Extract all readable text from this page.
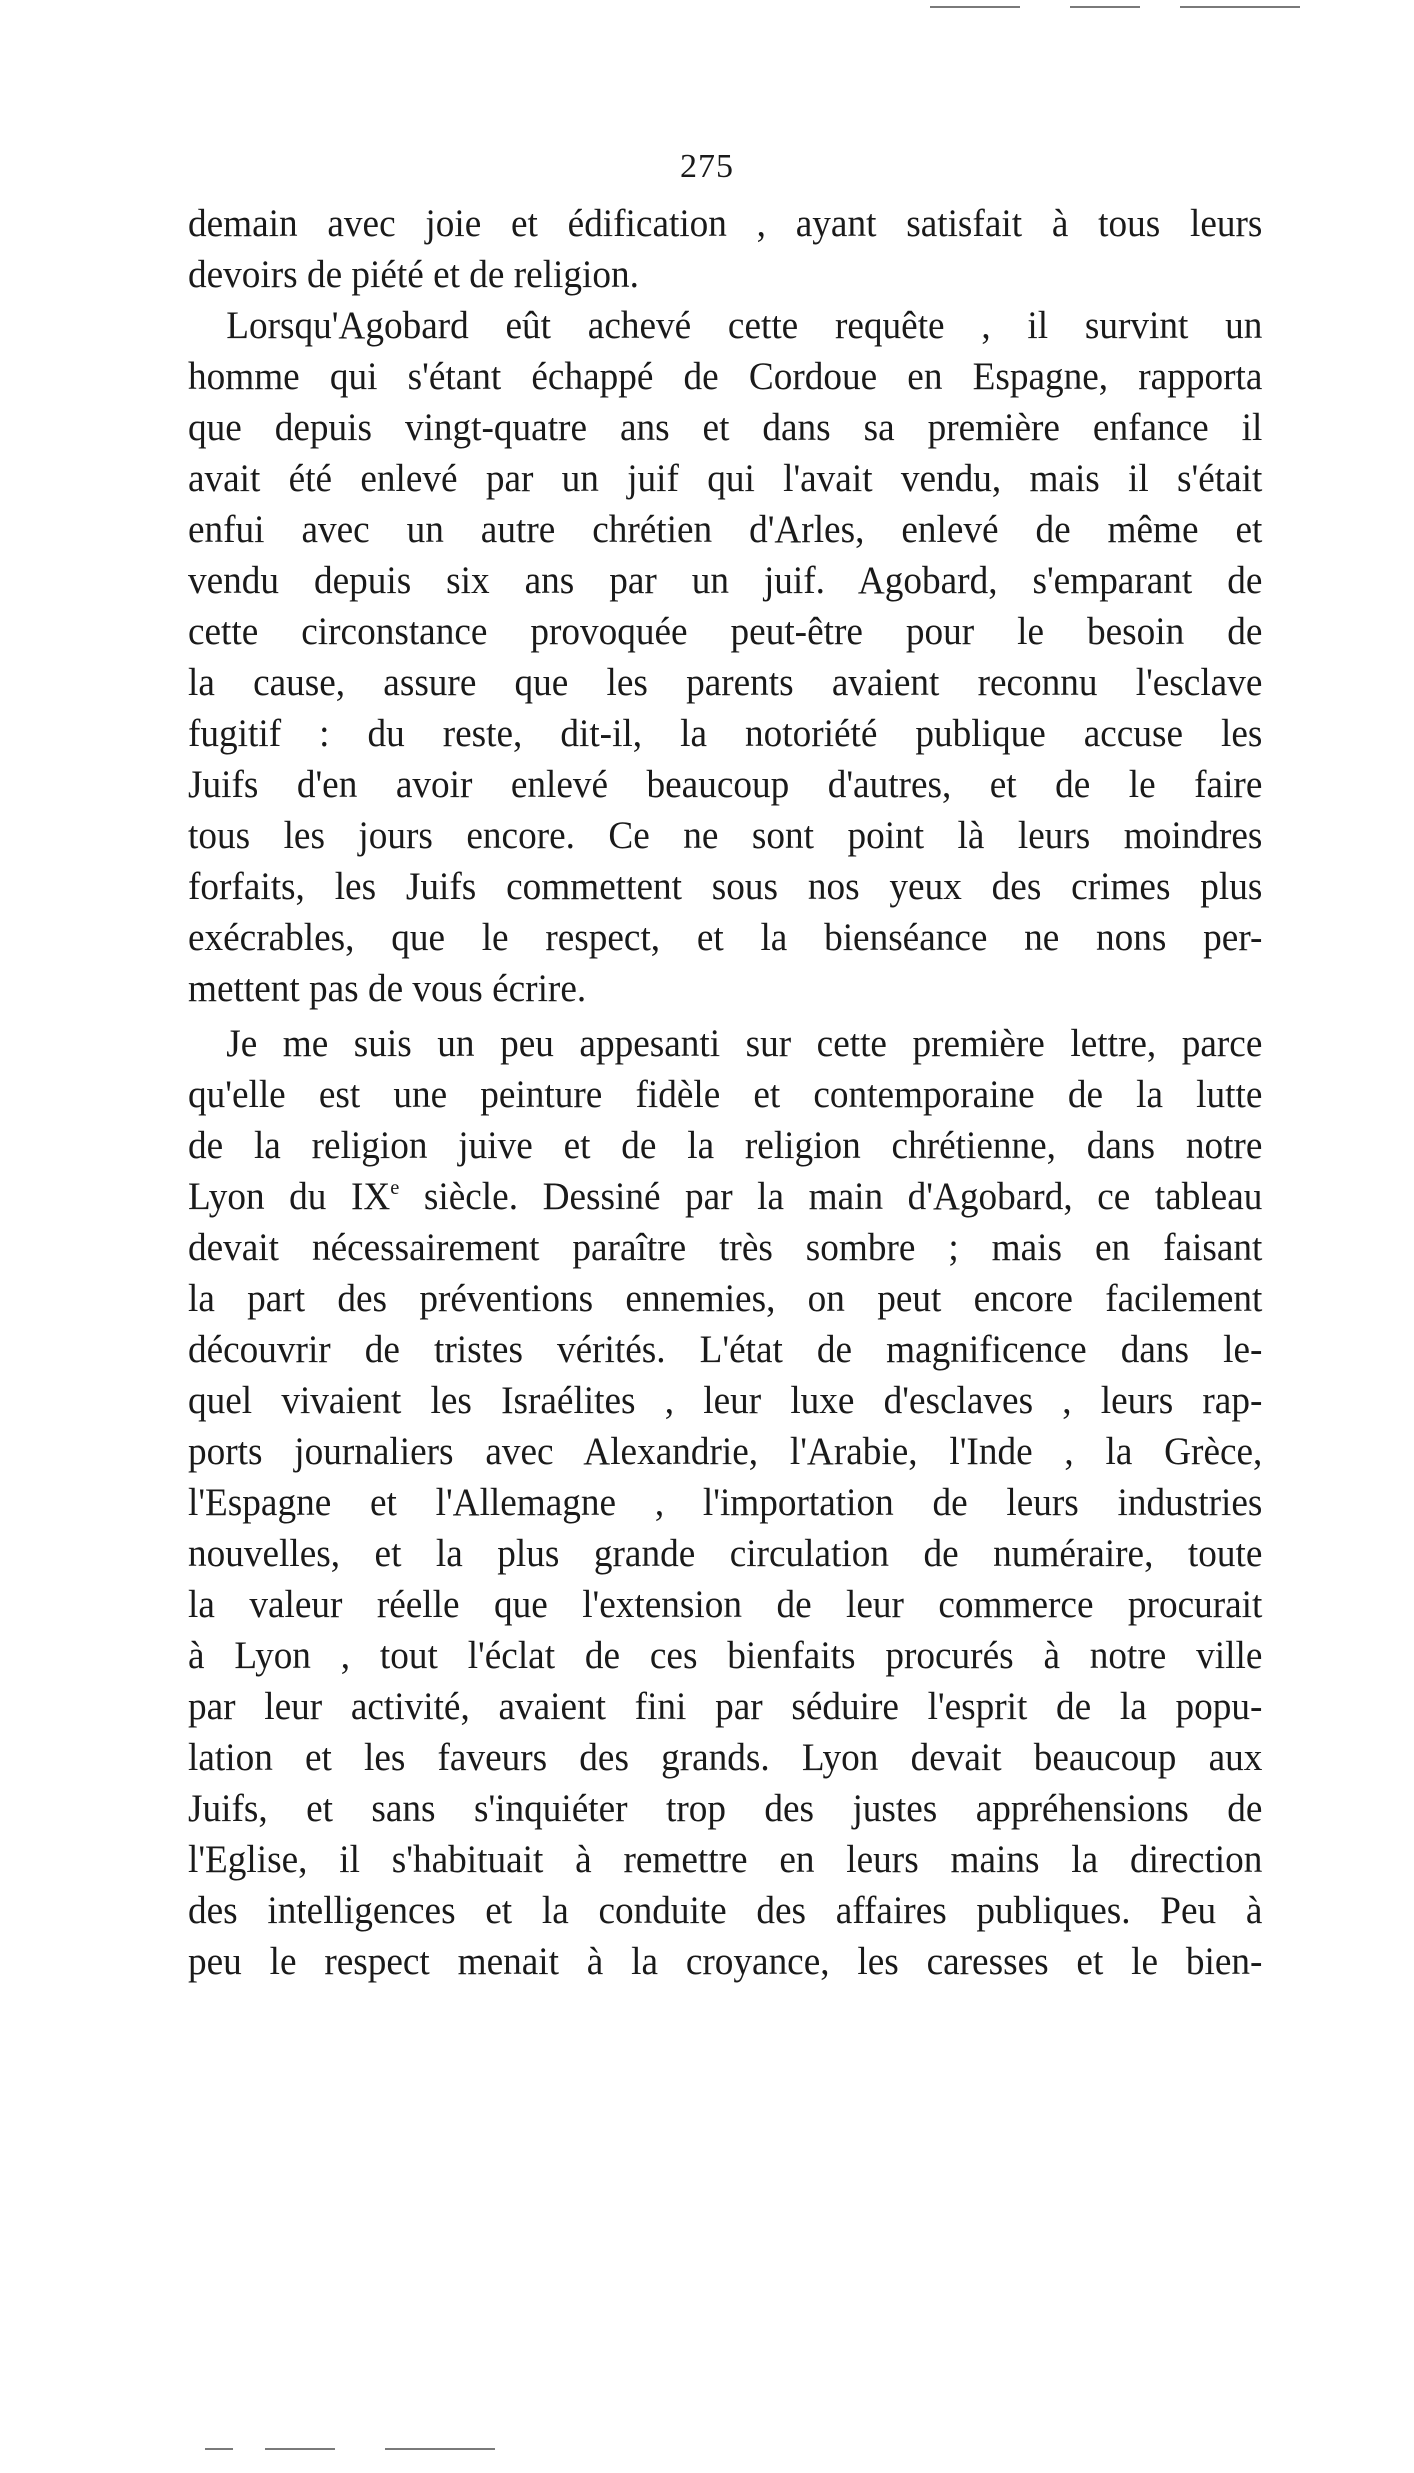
275
demain avec joie et édification , ayant satisfait à tous leurs
devoirs de piété et de religion.
Lorsqu'Agobard eût achevé cette requête , il survint un
homme qui s'étant échappé de Cordoue en Espagne, rapporta
que depuis vingt-quatre ans et dans sa première enfance il
avait été enlevé par un juif qui l'avait vendu, mais il s'était
enfui avec un autre chrétien d'Arles, enlevé de même et
vendu depuis six ans par un juif. Agobard, s'emparant de
cette circonstance provoquée peut-être pour le besoin de
la cause, assure que les parents avaient reconnu l'esclave
fugitif : du reste, dit-il, la notoriété publique accuse les
Juifs d'en avoir enlevé beaucoup d'autres, et de le faire
tous les jours encore. Ce ne sont point là leurs moindres
forfaits, les Juifs commettent sous nos yeux des crimes plus
exécrables, que le respect, et la bienséance ne nons per-
mettent pas de vous écrire.
Je me suis un peu appesanti sur cette première lettre, parce
qu'elle est une peinture fidèle et contemporaine de la lutte
de la religion juive et de la religion chrétienne, dans notre
Lyon du IXe siècle. Dessiné par la main d'Agobard, ce tableau
devait nécessairement paraître très sombre ; mais en faisant
la part des préventions ennemies, on peut encore facilement
découvrir de tristes vérités. L'état de magnificence dans le-
quel vivaient les Israélites , leur luxe d'esclaves , leurs rap-
ports journaliers avec Alexandrie, l'Arabie, l'Inde , la Grèce,
l'Espagne et l'Allemagne , l'importation de leurs industries
nouvelles, et la plus grande circulation de numéraire, toute
la valeur réelle que l'extension de leur commerce procurait
à Lyon , tout l'éclat de ces bienfaits procurés à notre ville
par leur activité, avaient fini par séduire l'esprit de la popu-
lation et les faveurs des grands. Lyon devait beaucoup aux
Juifs, et sans s'inquiéter trop des justes appréhensions de
l'Eglise, il s'habituait à remettre en leurs mains la direction
des intelligences et la conduite des affaires publiques. Peu à
peu le respect menait à la croyance, les caresses et le bien-
